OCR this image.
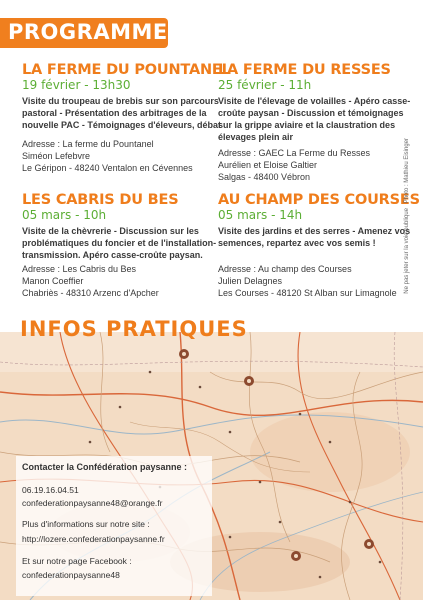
PROGRAMME
LA FERME DU POUNTANEL
19 février - 13h30
Visite du troupeau de brebis sur son parcours
pastoral - Présentation des arbitrages de la
nouvelle PAC - Témoignages d'éleveurs, débat
Adresse : La ferme du Pountanel
Siméon Lefebvre
Le Géripon - 48240 Ventalon en Cévennes
LA FERME DU RESSES
25 février - 11h
Visite de l'élevage de volailles - Apéro casse-
croûte paysan - Discussion et témoignages
sur la grippe aviaire et la claustration des
élevages plein air
Adresse : GAEC La Ferme du Resses
Aurélien et Eloise Galtier
Salgas - 48400 Vébron
LES CABRIS DU BES
05 mars - 10h
Visite de la chèvrerie - Discussion sur les
problématiques du foncier et de l'installation-
transmission. Apéro casse-croûte paysan.
Adresse : Les Cabris du Bes
Manon Coeffier
Chabriès - 48310 Arzenc d'Apcher
AU CHAMP DES COURSES
05 mars - 14h
Visite des jardins et des serres - Amenez vos
semences, repartez avec vos semis !
Adresse : Au champ des Courses
Julien Delagnes
Les Courses - 48120 St Alban sur Limagnole
Photo : Mathieu Eisinger
Ne pas jeter sur la voie publique
INFOS PRATIQUES
Contacter la Confédération paysanne :
06.19.16.04.51
confederationpaysanne48@orange.fr
Plus d'informations sur notre site :
http://lozere.confederationpaysanne.fr
Et sur notre page Facebook :
confederationpaysanne48
